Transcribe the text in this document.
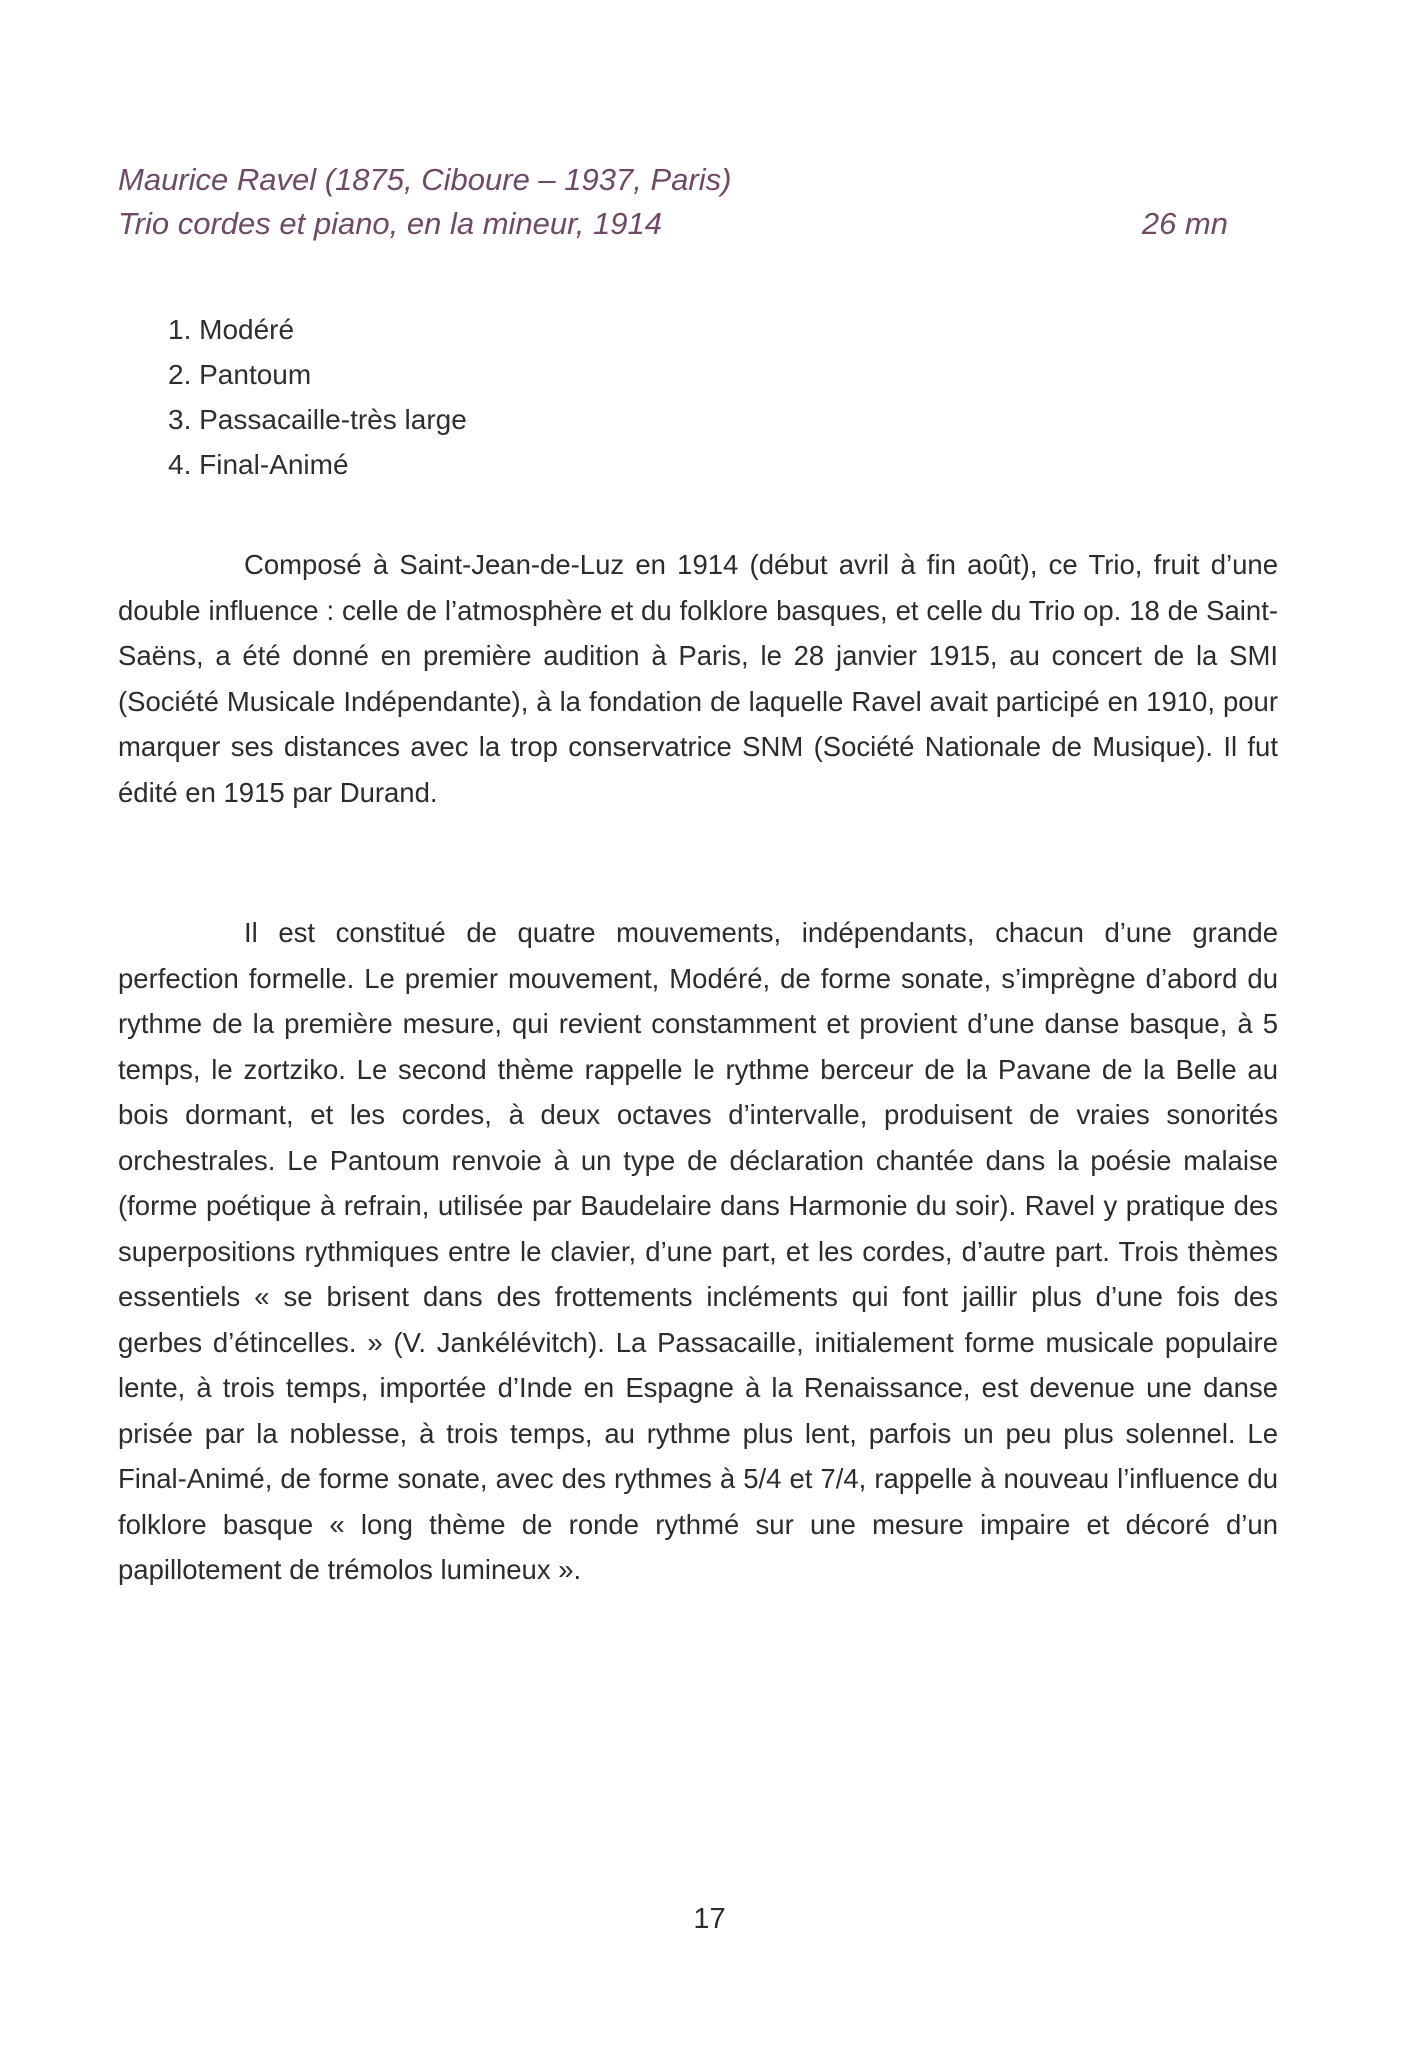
Maurice Ravel (1875, Ciboure – 1937, Paris)
Trio cordes et piano, en la mineur, 1914	26 mn
1. Modéré
2. Pantoum
3. Passacaille-très large
4. Final-Animé

Composé à Saint-Jean-de-Luz en 1914 (début avril à fin août), ce Trio, fruit d’une double influence : celle de l’atmosphère et du folklore basques, et celle du Trio op. 18 de Saint-Saëns, a été donné en première audition à Paris, le 28 janvier 1915, au concert de la SMI (Société Musicale Indépendante), à la fondation de laquelle Ravel avait participé en 1910, pour marquer ses distances avec la trop conservatrice SNM (Société Nationale de Musique). Il fut édité en 1915 par Durand.

Il est constitué de quatre mouvements, indépendants, chacun d’une grande perfection formelle. Le premier mouvement, Modéré, de forme sonate, s’imprègne d’abord du rythme de la première mesure, qui revient constamment et provient d’une danse basque, à 5 temps, le zortziko. Le second thème rappelle le rythme berceur de la Pavane de la Belle au bois dormant, et les cordes, à deux octaves d’intervalle, produisent de vraies sonorités orchestrales. Le Pantoum renvoie à un type de déclaration chantée dans la poésie malaise (forme poétique à refrain, utilisée par Baudelaire dans Harmonie du soir). Ravel y pratique des superpositions rythmiques entre le clavier, d’une part, et les cordes, d’autre part. Trois thèmes essentiels « se brisent dans des frottements incléments qui font jaillir plus d’une fois des gerbes d’étincelles. » (V. Jankélévitch). La Passacaille, initialement forme musicale populaire lente, à trois temps, importée d’Inde en Espagne à la Renaissance, est devenue une danse prisée par la noblesse, à trois temps, au rythme plus lent, parfois un peu plus solennel. Le Final-Animé, de forme sonate, avec des rythmes à 5/4 et 7/4, rappelle à nouveau l’influence du folklore basque « long thème de ronde rythmé sur une mesure impaire et décoré d’un papillotement de trémolos lumineux ».

17
